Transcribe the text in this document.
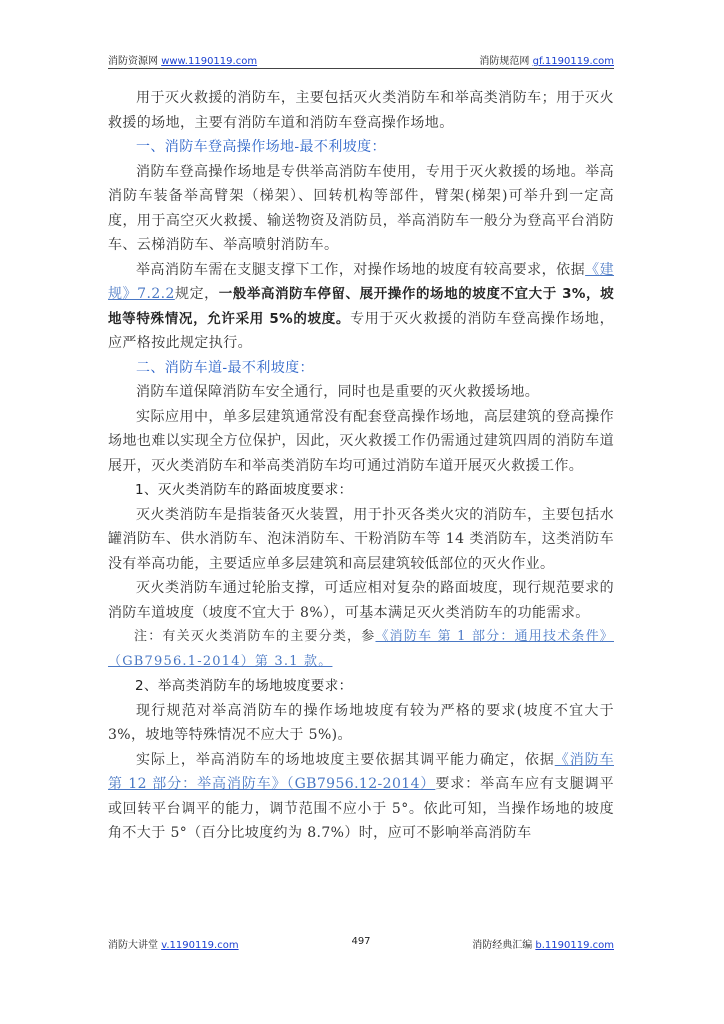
消防资源网 www.1190119.com	消防规范网 gf.1190119.com

用于灭火救援的消防车，主要包括灭火类消防车和举高类消防车；用于灭火救援的场地，主要有消防车道和消防车登高操作场地。

一、消防车登高操作场地-最不利坡度：

消防车登高操作场地是专供举高消防车使用，专用于灭火救援的场地。举高消防车装备举高臂架（梯架）、回转机构等部件，臂架(梯架)可举升到一定高度，用于高空灭火救援、输送物资及消防员，举高消防车一般分为登高平台消防车、云梯消防车、举高喷射消防车。

举高消防车需在支腿支撑下工作，对操作场地的坡度有较高要求，依据《建规》7.2.2规定，一般举高消防车停留、展开操作的场地的坡度不宜大于 3%，坡地等特殊情况，允许采用 5%的坡度。专用于灭火救援的消防车登高操作场地，应严格按此规定执行。

二、消防车道-最不利坡度：

消防车道保障消防车安全通行，同时也是重要的灭火救援场地。

实际应用中，单多层建筑通常没有配套登高操作场地，高层建筑的登高操作场地也难以实现全方位保护，因此，灭火救援工作仍需通过建筑四周的消防车道展开，灭火类消防车和举高类消防车均可通过消防车道开展灭火救援工作。

1、灭火类消防车的路面坡度要求：

灭火类消防车是指装备灭火装置，用于扑灭各类火灾的消防车，主要包括水罐消防车、供水消防车、泡沫消防车、干粉消防车等 14 类消防车，这类消防车没有举高功能，主要适应单多层建筑和高层建筑较低部位的灭火作业。

灭火类消防车通过轮胎支撑，可适应相对复杂的路面坡度，现行规范要求的消防车道坡度（坡度不宜大于 8%），可基本满足灭火类消防车的功能需求。

注：有关灭火类消防车的主要分类，参《消防车 第 1 部分：通用技术条件》（GB7956.1-2014）第 3.1 款。

2、举高类消防车的场地坡度要求：

现行规范对举高消防车的操作场地坡度有较为严格的要求(坡度不宜大于 3%，坡地等特殊情况不应大于 5%)。

实际上，举高消防车的场地坡度主要依据其调平能力确定，依据《消防车 第 12 部分：举高消防车》（GB7956.12-2014）要求：举高车应有支腿调平或回转平台调平的能力，调节范围不应小于 5°。依此可知，当操作场地的坡度角不大于 5°（百分比坡度约为 8.7%）时，应可不影响举高消防车

消防大讲堂 v.1190119.com	497	消防经典汇编 b.1190119.com
